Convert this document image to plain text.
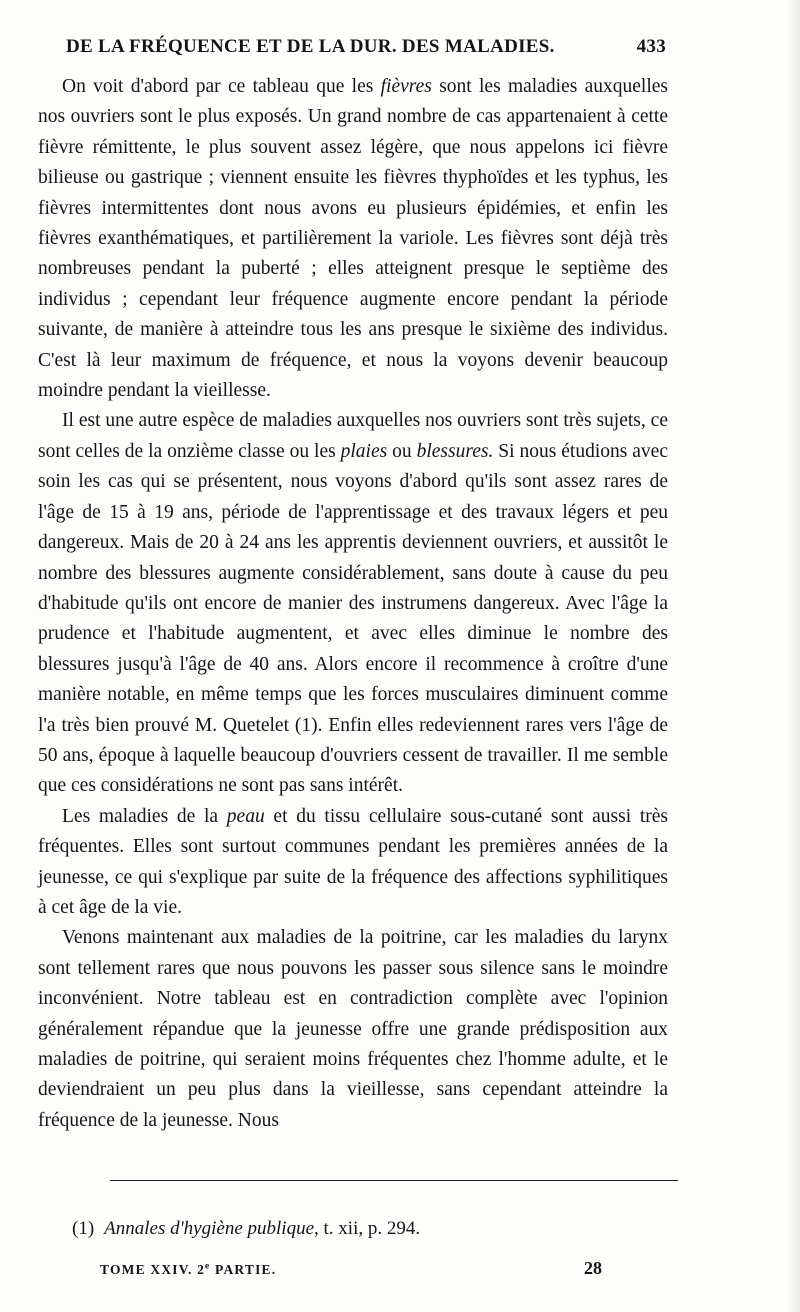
DE LA FRÉQUENCE ET DE LA DUR. DES MALADIES.	433

On voit d'abord par ce tableau que les fièvres sont les maladies auxquelles nos ouvriers sont le plus exposés. Un grand nombre de cas appartenaient à cette fièvre rémittente, le plus souvent assez légère, que nous appelons ici fièvre bilieuse ou gastrique ; viennent ensuite les fièvres thyphoïdes et les typhus, les fièvres intermittentes dont nous avons eu plusieurs épidémies, et enfin les fièvres exanthématiques, et partilièrement la variole. Les fièvres sont déjà très nombreuses pendant la puberté ; elles atteignent presque le septième des individus ; cependant leur fréquence augmente encore pendant la période suivante, de manière à atteindre tous les ans presque le sixième des individus. C'est là leur maximum de fréquence, et nous la voyons devenir beaucoup moindre pendant la vieillesse.

Il est une autre espèce de maladies auxquelles nos ouvriers sont très sujets, ce sont celles de la onzième classe ou les plaies ou blessures. Si nous étudions avec soin les cas qui se présentent, nous voyons d'abord qu'ils sont assez rares de l'âge de 15 à 19 ans, période de l'apprentissage et des travaux légers et peu dangereux. Mais de 20 à 24 ans les apprentis deviennent ouvriers, et aussitôt le nombre des blessures augmente considérablement, sans doute à cause du peu d'habitude qu'ils ont encore de manier des instrumens dangereux. Avec l'âge la prudence et l'habitude augmentent, et avec elles diminue le nombre des blessures jusqu'à l'âge de 40 ans. Alors encore il recommence à croître d'une manière notable, en même temps que les forces musculaires diminuent comme l'a très bien prouvé M. Quetelet (1). Enfin elles redeviennent rares vers l'âge de 50 ans, époque à laquelle beaucoup d'ouvriers cessent de travailler. Il me semble que ces considérations ne sont pas sans intérêt.

Les maladies de la peau et du tissu cellulaire sous-cutané sont aussi très fréquentes. Elles sont surtout communes pendant les premières années de la jeunesse, ce qui s'explique par suite de la fréquence des affections syphilitiques à cet âge de la vie.

Venons maintenant aux maladies de la poitrine, car les maladies du larynx sont tellement rares que nous pouvons les passer sous silence sans le moindre inconvénient. Notre tableau est en contradiction complète avec l'opinion généralement répandue que la jeunesse offre une grande prédisposition aux maladies de poitrine, qui seraient moins fréquentes chez l'homme adulte, et le deviendraient un peu plus dans la vieillesse, sans cependant atteindre la fréquence de la jeunesse. Nous

(1) Annales d'hygiène publique, t. xii, p. 294.
TOME XXIV. 2e PARTIE.	28
